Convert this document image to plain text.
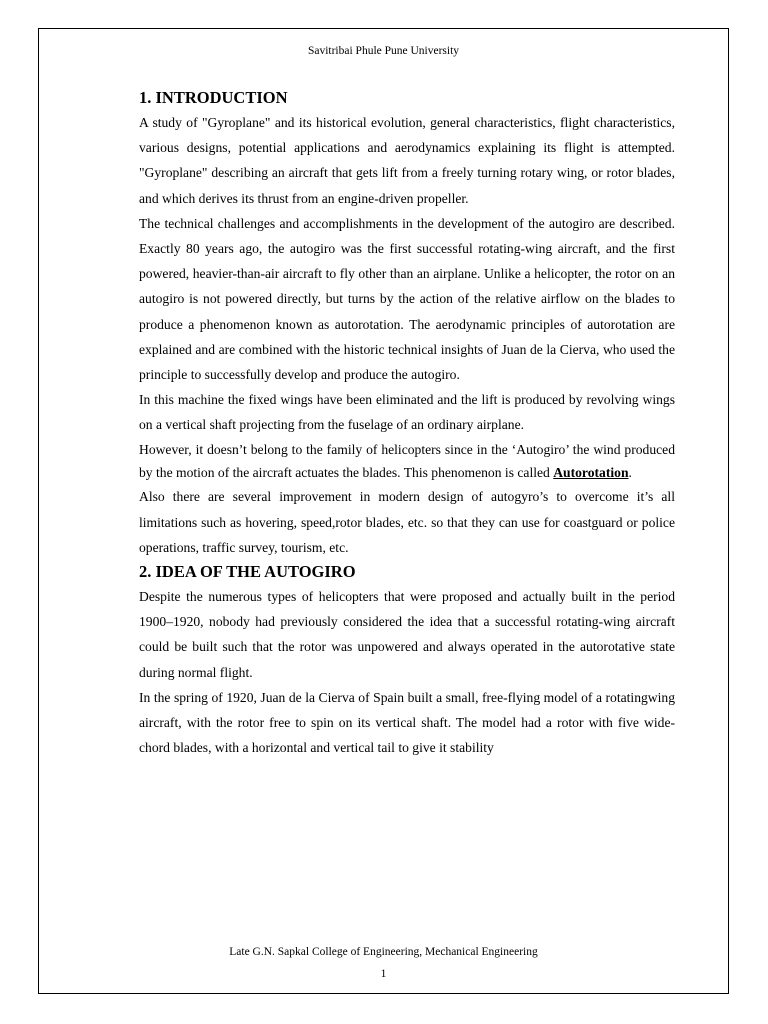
Savitribai Phule Pune University
1. INTRODUCTION

A study of "Gyroplane" and its historical evolution, general characteristics, flight characteristics, various designs, potential applications and aerodynamics explaining its flight is attempted. "Gyroplane" describing an aircraft that gets lift from a freely turning rotary wing, or rotor blades, and which derives its thrust from an engine-driven propeller.

The technical challenges and accomplishments in the development of the autogiro are described. Exactly 80 years ago, the autogiro was the first successful rotating-wing aircraft, and the first powered, heavier-than-air aircraft to fly other than an airplane. Unlike a helicopter, the rotor on an autogiro is not powered directly, but turns by the action of the relative airflow on the blades to produce a phenomenon known as autorotation. The aerodynamic principles of autorotation are explained and are combined with the historic technical insights of Juan de la Cierva, who used the principle to successfully develop and produce the autogiro.

In this machine the fixed wings have been eliminated and the lift is produced by revolving wings on a vertical shaft projecting from the fuselage of an ordinary airplane.

However, it doesn’t belong to the family of helicopters since in the ‘Autogiro’ the wind produced by the motion of the aircraft actuates the blades. This phenomenon is called Autorotation.

Also there are several improvement in modern design of autogyro’s to overcome it’s all limitations such as hovering, speed,rotor blades, etc. so that they can use for coastguard or police operations, traffic survey, tourism, etc.

2. IDEA OF THE AUTOGIRO

Despite the numerous types of helicopters that were proposed and actually built in the period 1900–1920, nobody had previously considered the idea that a successful rotating-wing aircraft could be built such that the rotor was unpowered and always operated in the autorotative state during normal flight.

In the spring of 1920, Juan de la Cierva of Spain built a small, free-flying model of a rotatingwing aircraft, with the rotor free to spin on its vertical shaft. The model had a rotor with five wide-chord blades, with a horizontal and vertical tail to give it stability

Late G.N. Sapkal College of Engineering, Mechanical Engineering
1
